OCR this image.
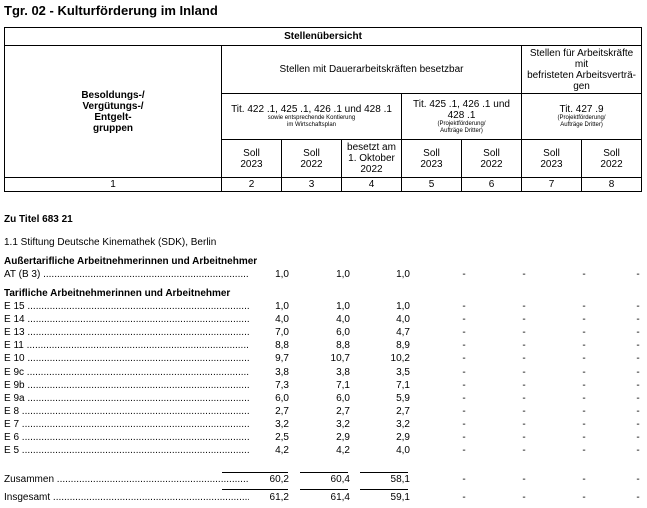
Tgr. 02 - Kulturförderung im Inland
Stellenübersicht							
Besoldungs-/
Vergütungs-/
Entgelt-
gruppen	Stellen mit Dauerarbeitskräften besetzbar					Stellen für Arbeitskräfte
mit
befristeten Arbeitsverträ-
gen	
	Tit. 422 .1, 425 .1, 426 .1 und 428 .1
sowie entsprechende Kontierung
im Wirtschaftsplan			Tit. 425 .1, 426 .1 und
428 .1
(Projektförderung/
Aufträge Dritter)		Tit. 427 .9
(Projektförderung/
Aufträge Dritter)	

	Soll
2023	Soll
2022	besetzt am
1. Oktober
2022	Soll
2023	Soll
2022	Soll
2023	Soll
2022
1	2	3	4	5	6	7	8
Zu Titel 683 21
1.1 Stiftung Deutsche Kinemathek (SDK), Berlin
Außertarifliche Arbeitnehmerinnen und Arbeitnehmer
Tarifliche Arbeitnehmerinnen und Arbeitnehmer
AT (B 3) .....	1,0	1,0	1,0	-	-	-	-
E 15 .....	1,0	1,0	1,0	-	-	-	-
E 14 .....	4,0	4,0	4,0	-	-	-	-
E 13 .....	7,0	6,0	4,7	-	-	-	-
E 11 .....	8,8	8,8	8,9	-	-	-	-
E 10 .....	9,7	10,7	10,2	-	-	-	-
E 9c .....	3,8	3,8	3,5	-	-	-	-
E 9b .....	7,3	7,1	7,1	-	-	-	-
E 9a .....	6,0	6,0	5,9	-	-	-	-
E 8 .....	2,7	2,7	2,7	-	-	-	-
E 7 .....	3,2	3,2	3,2	-	-	-	-
E 6 .....	2,5	2,9	2,9	-	-	-	-
E 5 .....	4,2	4,2	4,0	-	-	-	-
Zusammen .....	60,2	60,4	58,1	-	-	-	-
Insgesamt .....	61,2	61,4	59,1	-	-	-	-
